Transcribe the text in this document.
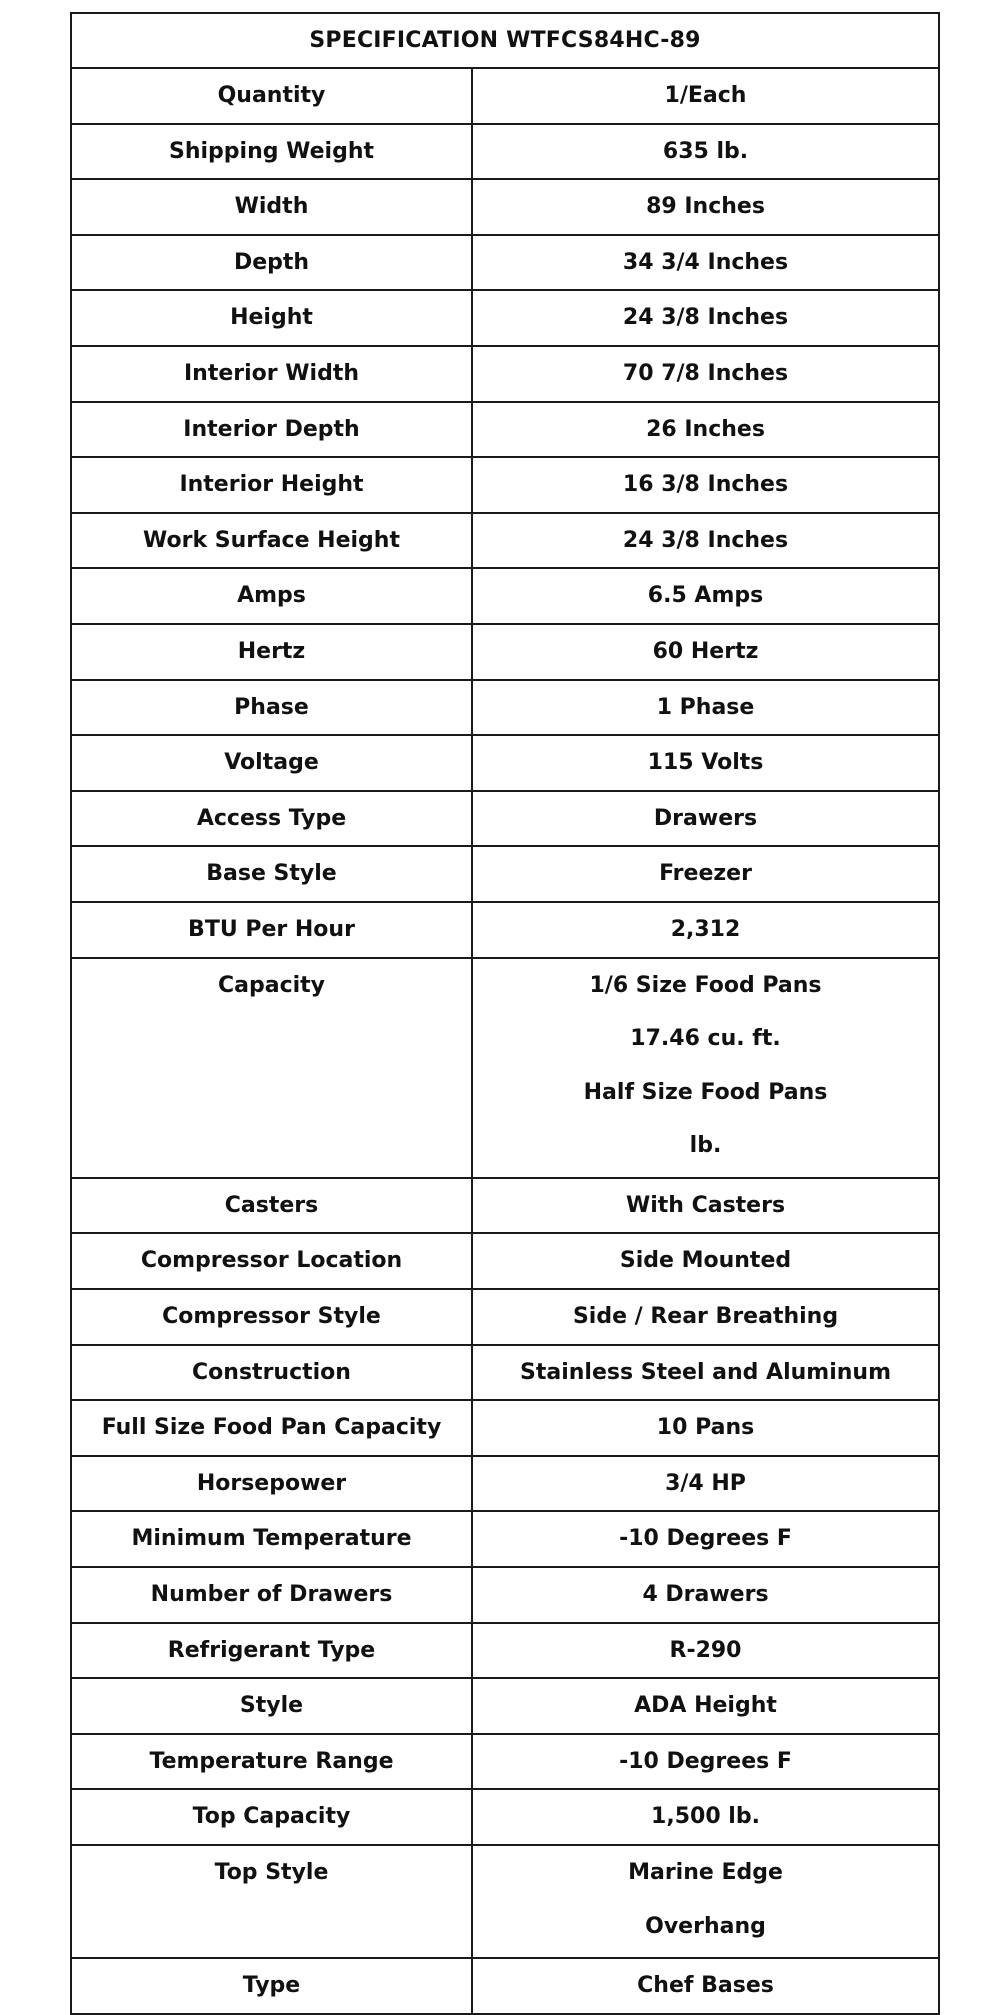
SPECIFICATION WTFCS84HC-89	
Quantity	1/Each

Shipping Weight	635 lb.

Width	89 Inches

Depth	34 3/4 Inches

Height	24 3/8 Inches

Interior Width	70 7/8 Inches

Interior Depth	26 Inches

Interior Height	16 3/8 Inches

Work Surface Height	24 3/8 Inches

Amps	6.5 Amps

Hertz	60 Hertz

Phase	1 Phase

Voltage	115 Volts

Access Type	Drawers

Base Style	Freezer

BTU Per Hour	2,312

Capacity	1/6 Size Food Pans
17.46 cu. ft.
Half Size Food Pans
lb.

Casters	With Casters

Compressor Location	Side Mounted

Compressor Style	Side / Rear Breathing

Construction	Stainless Steel and Aluminum

Full Size Food Pan Capacity	10 Pans

Horsepower	3/4 HP

Minimum Temperature	-10 Degrees F

Number of Drawers	4 Drawers

Refrigerant Type	R-290

Style	ADA Height

Temperature Range	-10 Degrees F

Top Capacity	1,500 lb.

Top Style	Marine Edge
Overhang

Type	Chef Bases
